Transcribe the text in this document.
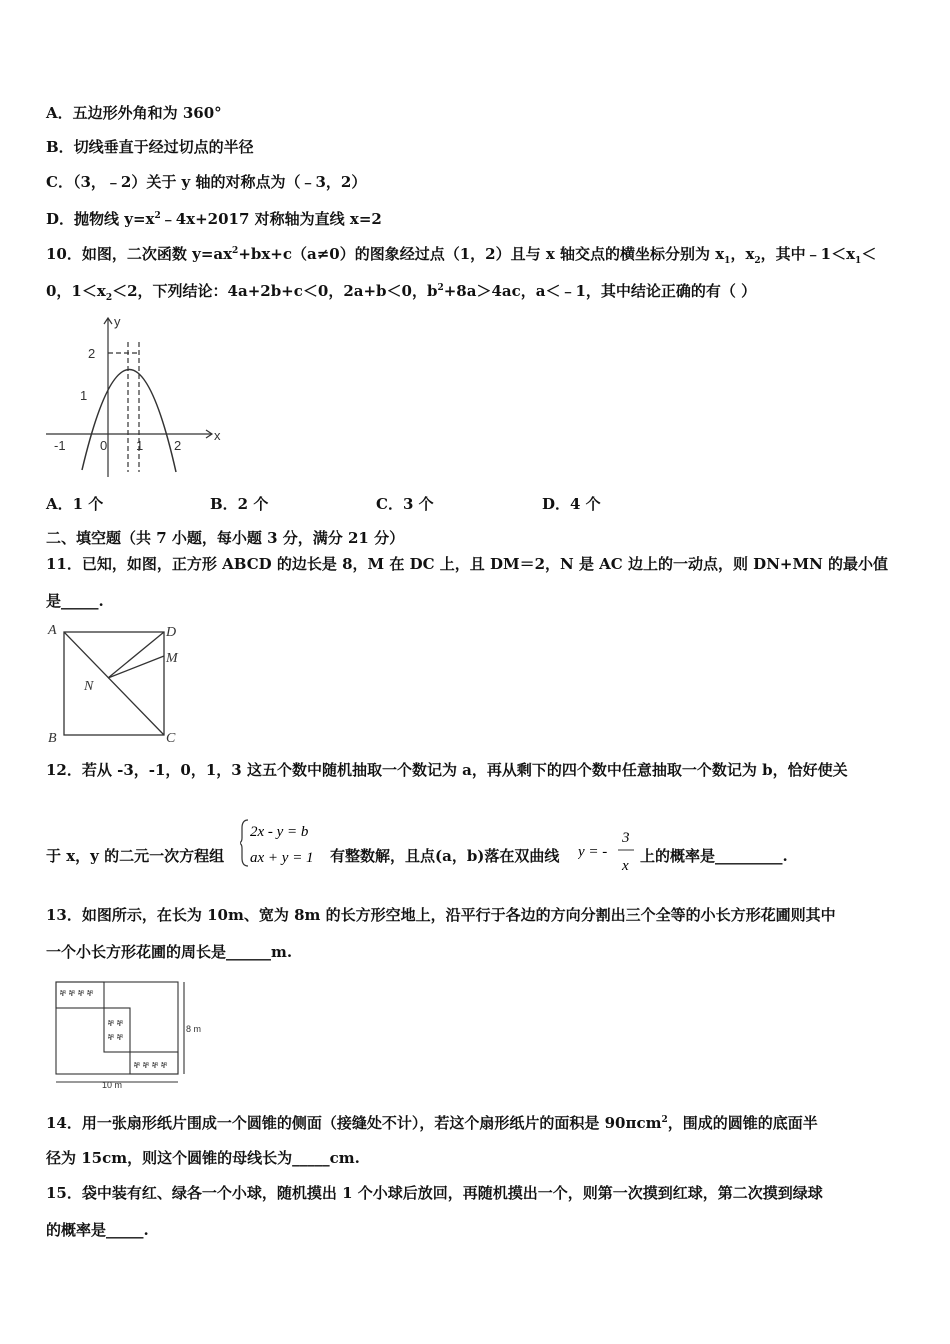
A．五边形外角和为 360°
B．切线垂直于经过切点的半径
C．（3，﹣2）关于 y 轴的对称点为（﹣3，2）
D．抛物线 $y=x^2﹣4x+2017$ 对称轴为直线 x=2
10．如图，二次函数 $y=ax^2+bx+c(a\ne 0)$的图象经过点（1，2）且与 x 轴交点的横坐标分别为 $x_1$，$x_2$，其中$﹣1<x_1<$
0，$1<x_2<2$，下列结论：4a+2b+c＜0，2a+b＜0，$b^2+8a>4ac$，a＜﹣1，其中结论正确的有（ ）
y
x
2
1
-1	0 1 2
A．1 个	B．2 个	C．3 个	D．4 个
二、填空题（共 7 小题，每小题 3 分，满分 21 分）
11．已知，如图，正方形 ABCD 的边长是 8，M 在 DC 上，且 DM＝2，N 是 AC 边上的一动点，则 DN+MN 的最小值
是_____.
A	D
M
N
B	C
12．若从 -3，-1，0，1，3 这五个数中随机抽取一个数记为 a，再从剩下的四个数中任意抽取一个数记为 b，恰好使关
于 x，y 的二元一次方程组
2x - y = b
ax + y = 1 有整数解，且点(a，b)落在双曲线 y = -
3
x
上的概率是_________.
13．如图所示，在长为 10m、宽为 8m 的长方形空地上，沿平行于各边的方向分割出三个全等的小长方形花圃则其中
一个小长方形花圃的周长是______m.
ቸ ቸ ቸ ቸ
ቸ ቸ
ቸ ቸ
ቸ ቸ ቸ ቸ
8 m
10 m
14．用一张扇形纸片围成一个圆锥的侧面（接缝处不计），若这个扇形纸片的面积是 90πcm$^2$，围成的圆锥的底面半
径为 15cm，则这个圆锥的母线长为_____cm.
15．袋中装有红、绿各一个小球，随机摸出 1 个小球后放回，再随机摸出一个，则第一次摸到红球，第二次摸到绿球
的概率是_____.
